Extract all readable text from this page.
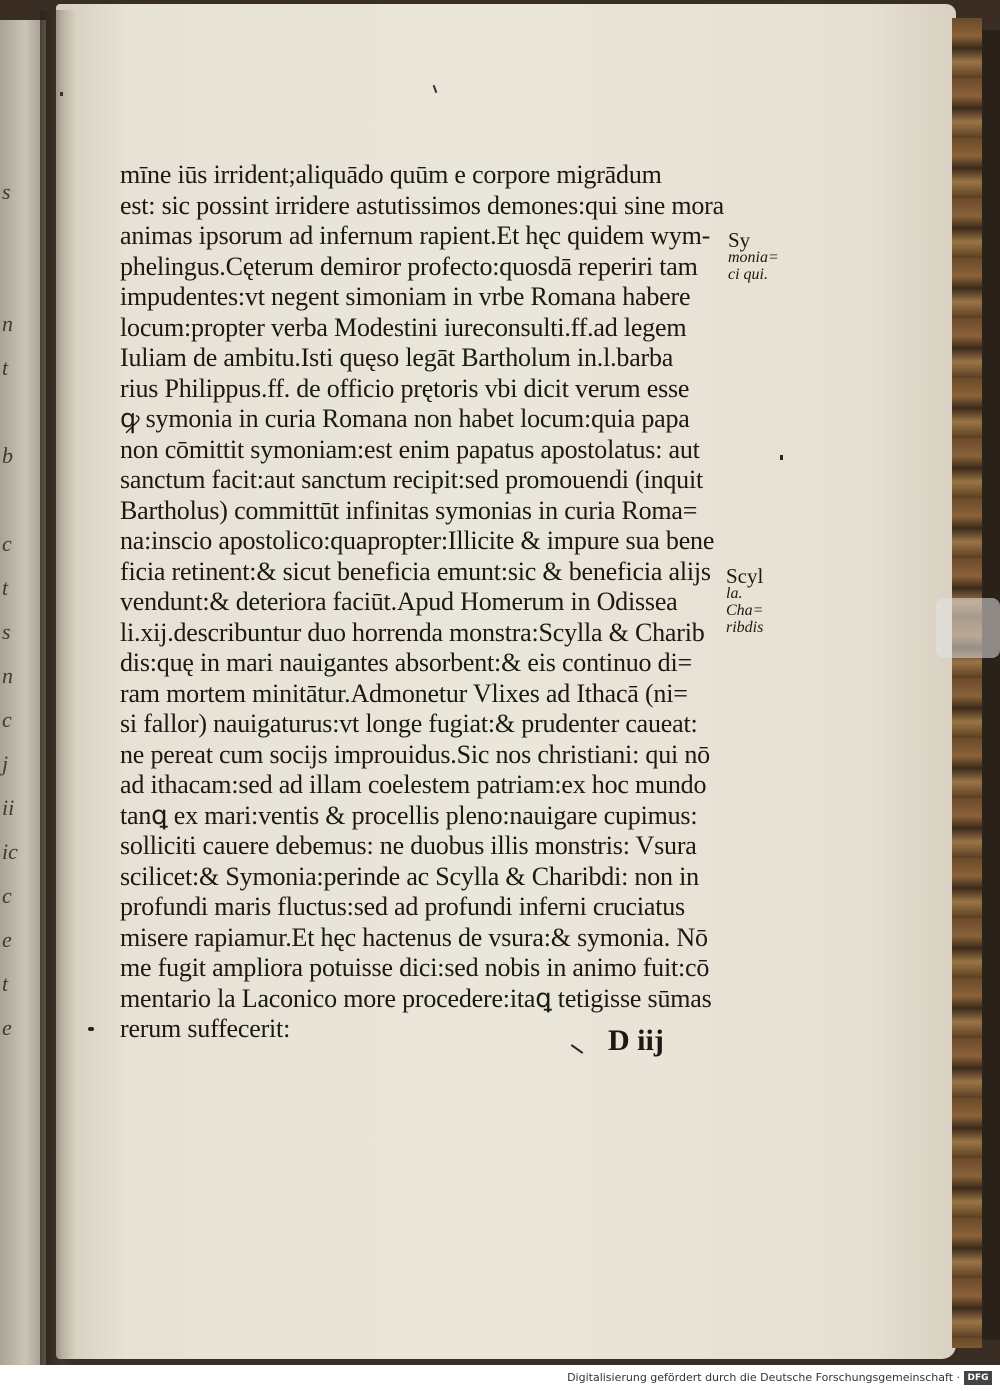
s

n
t

b

c
t
s
n
c
j
ii
ic
c
e
t
e
mīne iūs irrident;aliquādo quūm e corpore migrādum
est: sic possint irridere astutissimos demones:qui sine mora
animas ipsorum ad infernum rapient.Et hęc quidem wym-
phelingus.Cęterum demiror profecto:quosdā reperiri tam
impudentes:vt negent simoniam in vrbe Romana habere
locum:propter verba Modestini iureconsulti.ff.ad legem
Iuliam de ambitu.Isti quęso legāt Bartholum in.l.barba
rius Philippus.ff. de officio prętoris vbi dicit verum esse
ꝙ symonia in curia Romana non habet locum:quia papa
non cōmittit symoniam:est enim papatus apostolatus: aut
sanctum facit:aut sanctum recipit:sed promouendi (inquit
Bartholus) committūt infinitas symonias in curia Roma=
na:inscio apostolico:quapropter:Illicite & impure sua bene
ficia retinent:& sicut beneficia emunt:sic & beneficia alijs
vendunt:& deteriora faciūt.Apud Homerum in Odissea
li.xij.describuntur duo horrenda monstra:Scylla & Charib
dis:quę in mari nauigantes absorbent:& eis continuo di=
ram mortem minitātur.Admonetur Vlixes ad Ithacā (ni=
si fallor) nauigaturus:vt longe fugiat:& prudenter caueat:
ne pereat cum socijs improuidus.Sic nos christiani: qui nō
ad ithacam:sed ad illam coelestem patriam:ex hoc mundo
tanꝗ ex mari:ventis & procellis pleno:nauigare cupimus:
solliciti cauere debemus: ne duobus illis monstris: Vsura
scilicet:& Symonia:perinde ac Scylla & Charibdi: non in
profundi maris fluctus:sed ad profundi inferni cruciatus
misere rapiamur.Et hęc hactenus de vsura:& symonia. Nō
me fugit ampliora potuisse dici:sed nobis in animo fuit:cō
mentario la Laconico more procedere:itaꝗ tetigisse sūmas
rerum suffecerit:
Sy
monia=
ci qui.
Scyl
la.
Cha=
ribdis
D iij
Digitalisierung gefördert durch die Deutsche Forschungsgemeinschaft · DFG
